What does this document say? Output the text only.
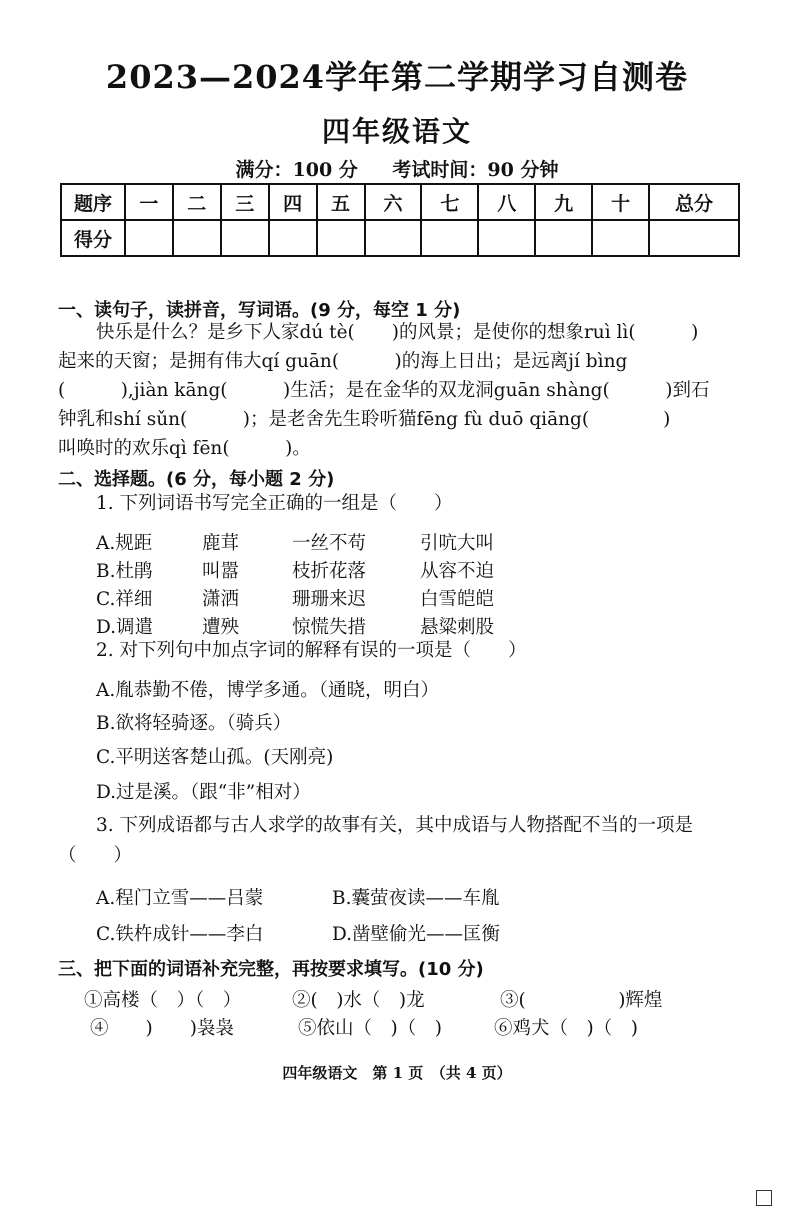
2023—2024学年第二学期学习自测卷
四年级语文
满分：100 分 考试时间：90 分钟
题序	一	二	三	四	五	六	七	八	九	十	总分
得分											
一、读句子，读拼音，写词语。(9 分，每空 1 分)
快乐是什么？是乡下人家dú tè(　　)的风景；是使你的想象ruì lì(　　　)
起来的天窗；是拥有伟大qí guān(　　　)的海上日出；是远离jí bìng
(　　　),jiàn kāng(　　　)生活；是在金华的双龙洞guān shàng(　　　)到石
钟乳和shí sǔn(　　　)；是老舍先生聆听猫fēng fù duō qiāng(　　　　)
叫唤时的欢乐qì fēn(　　　)。
二、选择题。(6 分，每小题 2 分)
1. 下列词语书写完全正确的一组是（　　）
A.规距	鹿茸	一丝不苟	引吭大叫
B.杜鹃	叫嚣	枝折花落	从容不迫
C.祥细	潇洒	珊珊来迟	白雪皑皑
D.调遣	遭殃	惊慌失措	悬粱刺股
2. 对下列句中加点字词的解释有误的一项是（　　）
A.胤恭勤不倦，博学多通。（通晓，明白）
B.欲将轻骑逐。（骑兵）
C.平明送客楚山孤。(天刚亮)
D.过是溪。（跟“非”相对）
3. 下列成语都与古人求学的故事有关，其中成语与人物搭配不当的一项是
（　　）
A.程门立雪——吕蒙	B.囊萤夜读——车胤
C.铁杵成针——李白	D.凿壁偷光——匡衡
三、把下面的词语补充完整，再按要求填写。(10 分)
①高楼（　）（　）	②(　)水（　)龙	③(　　　　　)辉煌
④　　)　　)袅袅	⑤依山（　)（　)	⑥鸡犬（　)（　)
四年级语文　第 1 页　（共 4 页）
